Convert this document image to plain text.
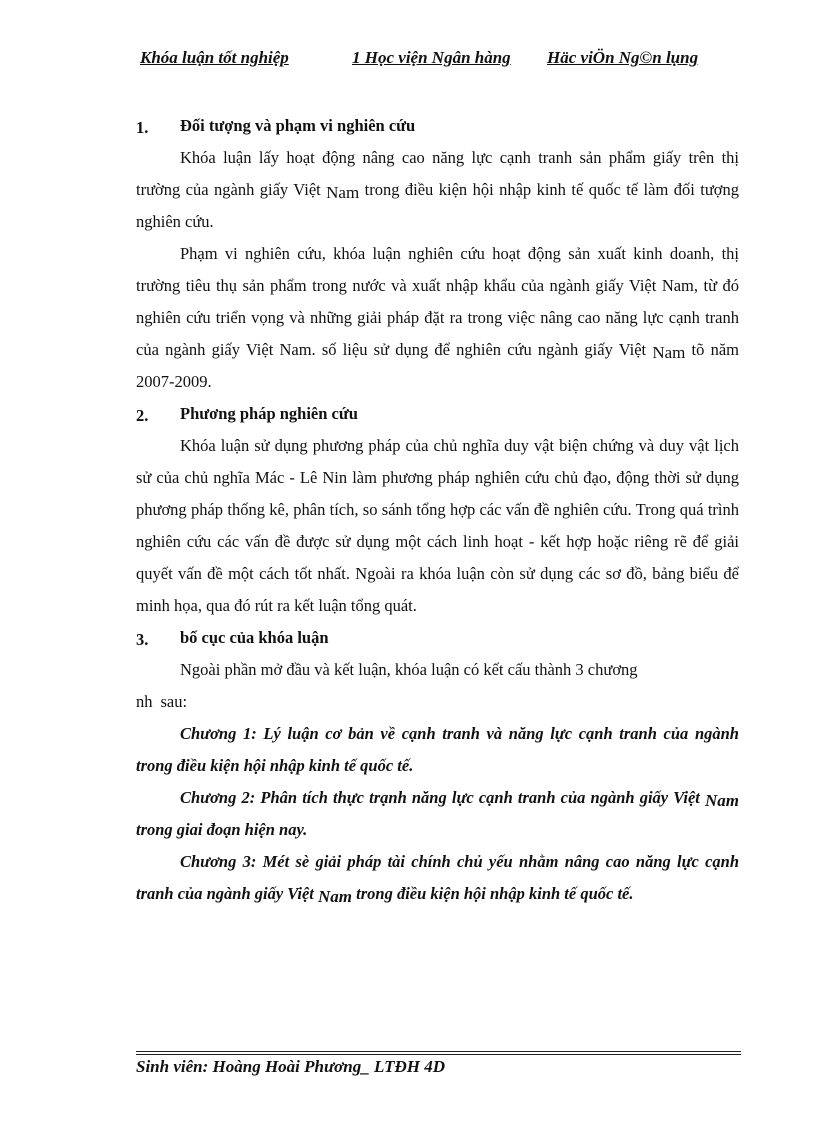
Khóa luận tốt nghiệp	1 Học viện Ngân hàng Häc viÖn Ng©n lụng
1.	Đối tượng và phạm vi nghiên cứu

Khóa luận lấy hoạt động nâng cao năng lực cạnh tranh sản phẩm giấy trên thị trường của ngành giấy Việt Nam trong điều kiện hội nhập kinh tế quốc tế làm đối tượng nghiên cứu.

Phạm vi nghiên cứu, khóa luận nghiên cứu hoạt động sản xuất kinh doanh, thị trường tiêu thụ sản phẩm trong nước và xuất nhập khẩu của ngành giấy Việt Nam, từ đó nghiên cứu triển vọng và những giải pháp đặt ra trong việc nâng cao năng lực cạnh tranh của ngành giấy Việt Nam. số liệu sử dụng để nghiên cứu ngành giấy Việt Nam tõ năm 2007-2009.

2.	Phương pháp nghiên cứu

Khóa luận sử dụng phương pháp của chủ nghĩa duy vật biện chứng và duy vật lịch sử của chủ nghĩa Mác - Lê Nin làm phương pháp nghiên cứu chủ đạo, động thời sử dụng phương pháp thống kê, phân tích, so sánh tổng hợp các vấn đề nghiên cứu. Trong quá trình nghiên cứu các vấn đề được sử dụng một cách linh hoạt - kết hợp hoặc riêng rẽ để giải quyết vấn đề một cách tốt nhất. Ngoài ra khóa luận còn sử dụng các sơ đồ, bảng biểu để minh họa, qua đó rút ra kết luận tổng quát.

3.	bố cục của khóa luận

Ngoài phần mở đầu và kết luận, khóa luận có kết cấu thành 3 chương

nh sau:

Chương 1: Lý luận cơ bản về cạnh tranh và năng lực cạnh tranh của ngành trong điều kiện hội nhập kinh tế quốc tế.

Chương 2: Phân tích thực trạnh năng lực cạnh tranh của ngành giấy Việt Nam trong giai đoạn hiện nay.

Chương 3: Mét sè giải pháp tài chính chủ yếu nhằm nâng cao năng lực cạnh tranh của ngành giấy Việt Nam trong điều kiện hội nhập kinh tế quốc tế.

Sinh viên: Hoàng Hoài Phương_ LTĐH 4D
